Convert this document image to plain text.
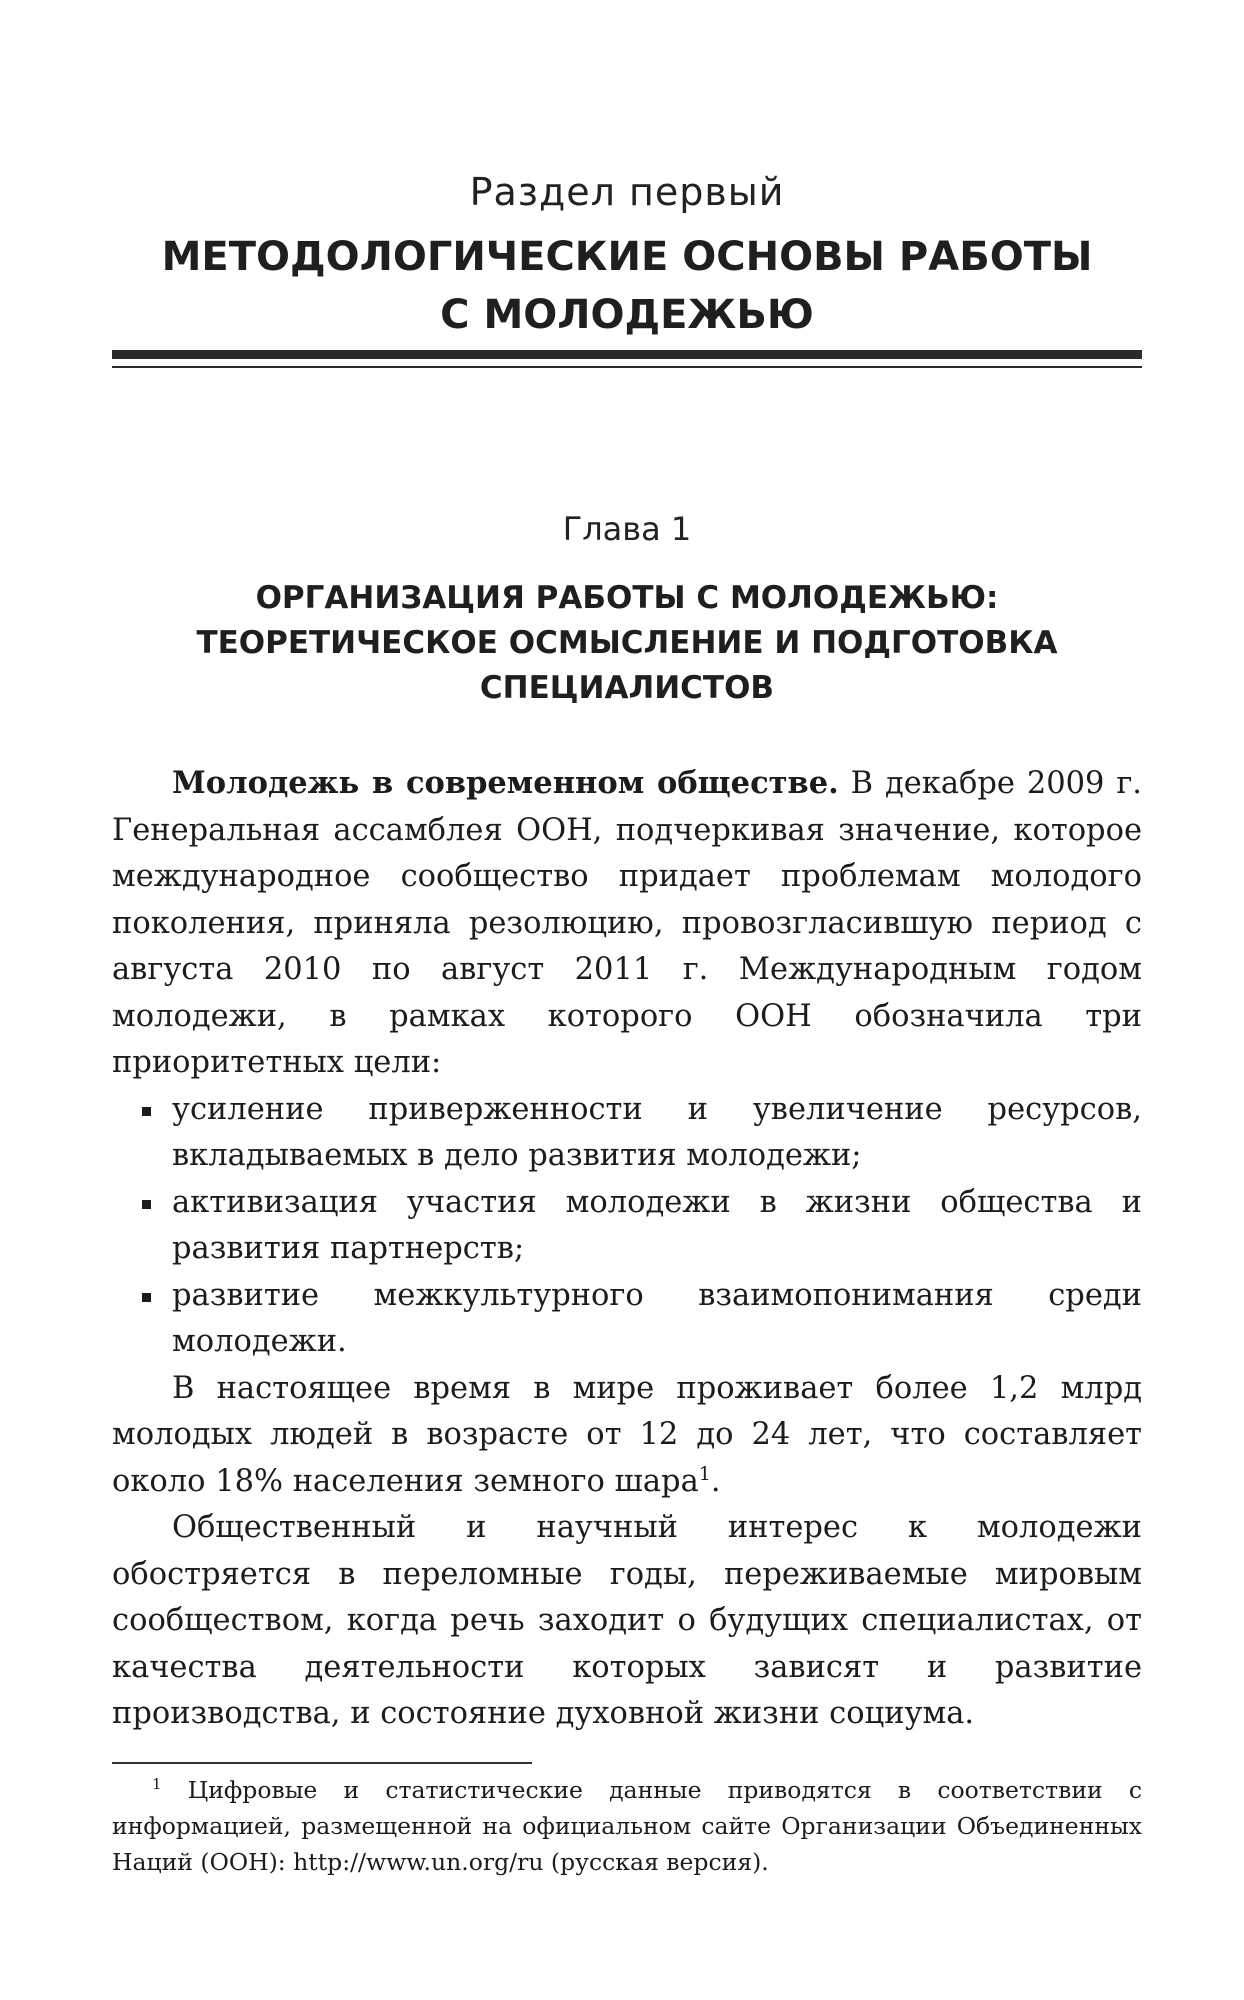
Раздел первый
МЕТОДОЛОГИЧЕСКИЕ ОСНОВЫ РАБОТЫ
С МОЛОДЕЖЬЮ
Глава 1
ОРГАНИЗАЦИЯ РАБОТЫ С МОЛОДЕЖЬЮ:
ТЕОРЕТИЧЕСКОЕ ОСМЫСЛЕНИЕ И ПОДГОТОВКА
СПЕЦИАЛИСТОВ

Молодежь в современном обществе. В декабре 2009 г. Генеральная ассамблея ООН, подчеркивая значение, которое международное сообщество придает проблемам молодого поколения, приняла резолюцию, провозгласившую период с августа 2010 по август 2011 г. Международным годом молодежи, в рамках которого ООН обозначила три приоритетных цели:

усиление приверженности и увеличение ресурсов, вкладываемых в дело развития молодежи;
активизация участия молодежи в жизни общества и развития партнерств;
развитие межкультурного взаимопонимания среди молодежи.

В настоящее время в мире проживает более 1,2 млрд молодых людей в возрасте от 12 до 24 лет, что составляет около 18% населения земного шара$^1$.

Общественный и научный интерес к молодежи обостряется в переломные годы, переживаемые мировым сообществом, когда речь заходит о будущих специалистах, от качества деятельности которых зависят и развитие производства, и состояние духовной жизни социума.

$^1$ Цифровые и статистические данные приводятся в соответствии с информацией, размещенной на официальном сайте Организации Объединенных Наций (ООН): http://www.un.org/ru (русская версия).
